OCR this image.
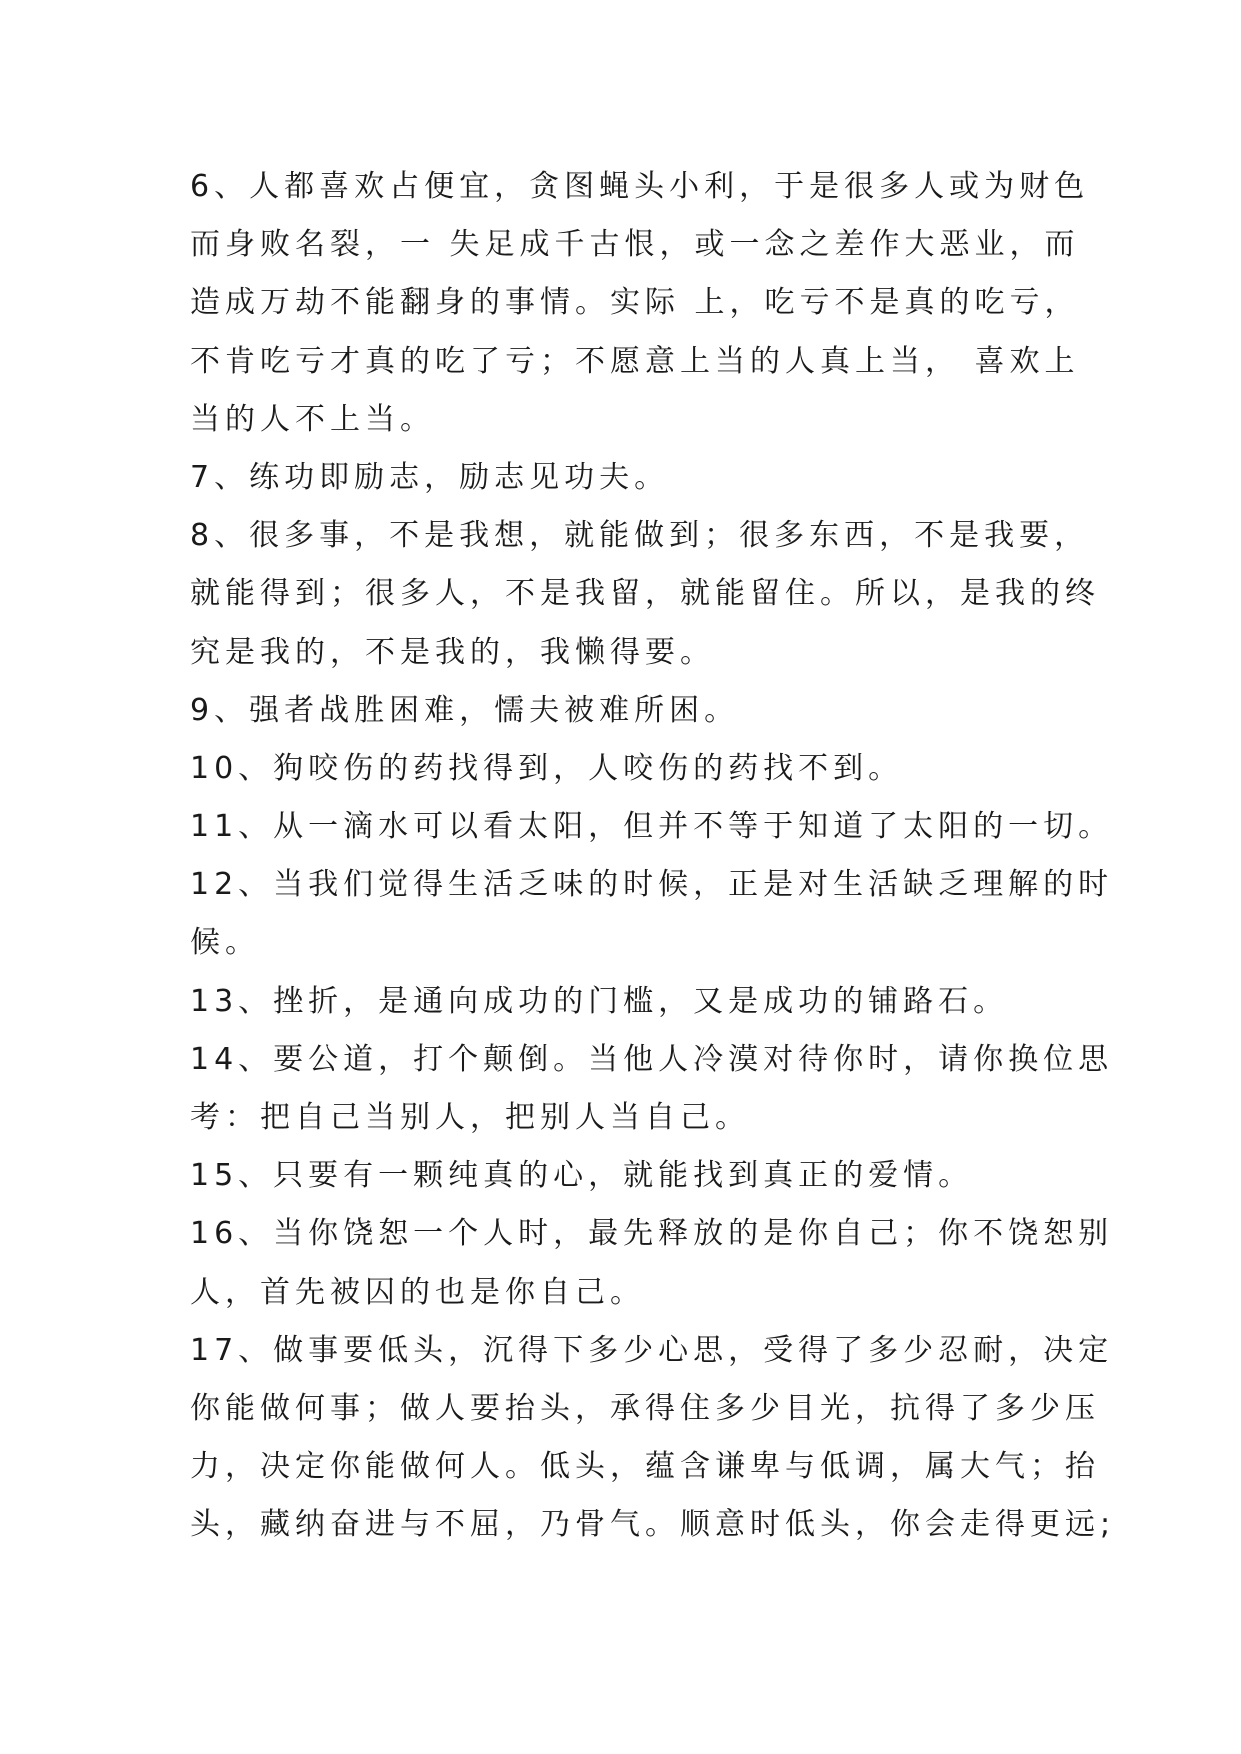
6、人都喜欢占便宜，贪图蝇头小利，于是很多人或为财色
而身败名裂，一 失足成千古恨，或一念之差作大恶业，而
造成万劫不能翻身的事情。实际 上，吃亏不是真的吃亏，
不肯吃亏才真的吃了亏；不愿意上当的人真上当， 喜欢上
当的人不上当。
7、练功即励志，励志见功夫。
8、很多事，不是我想，就能做到；很多东西，不是我要，
就能得到；很多人，不是我留，就能留住。所以，是我的终
究是我的，不是我的，我懒得要。
9、强者战胜困难，懦夫被难所困。
10、狗咬伤的药找得到，人咬伤的药找不到。
11、从一滴水可以看太阳，但并不等于知道了太阳的一切。
12、当我们觉得生活乏味的时候，正是对生活缺乏理解的时
候。
13、挫折，是通向成功的门槛，又是成功的铺路石。
14、要公道，打个颠倒。当他人冷漠对待你时，请你换位思
考：把自己当别人，把别人当自己。
15、只要有一颗纯真的心，就能找到真正的爱情。
16、当你饶恕一个人时，最先释放的是你自己；你不饶恕别
人，首先被囚的也是你自己。
17、做事要低头，沉得下多少心思，受得了多少忍耐，决定
你能做何事；做人要抬头，承得住多少目光，抗得了多少压
力，决定你能做何人。低头，蕴含谦卑与低调，属大气；抬
头，藏纳奋进与不屈，乃骨气。顺意时低头，你会走得更远;
